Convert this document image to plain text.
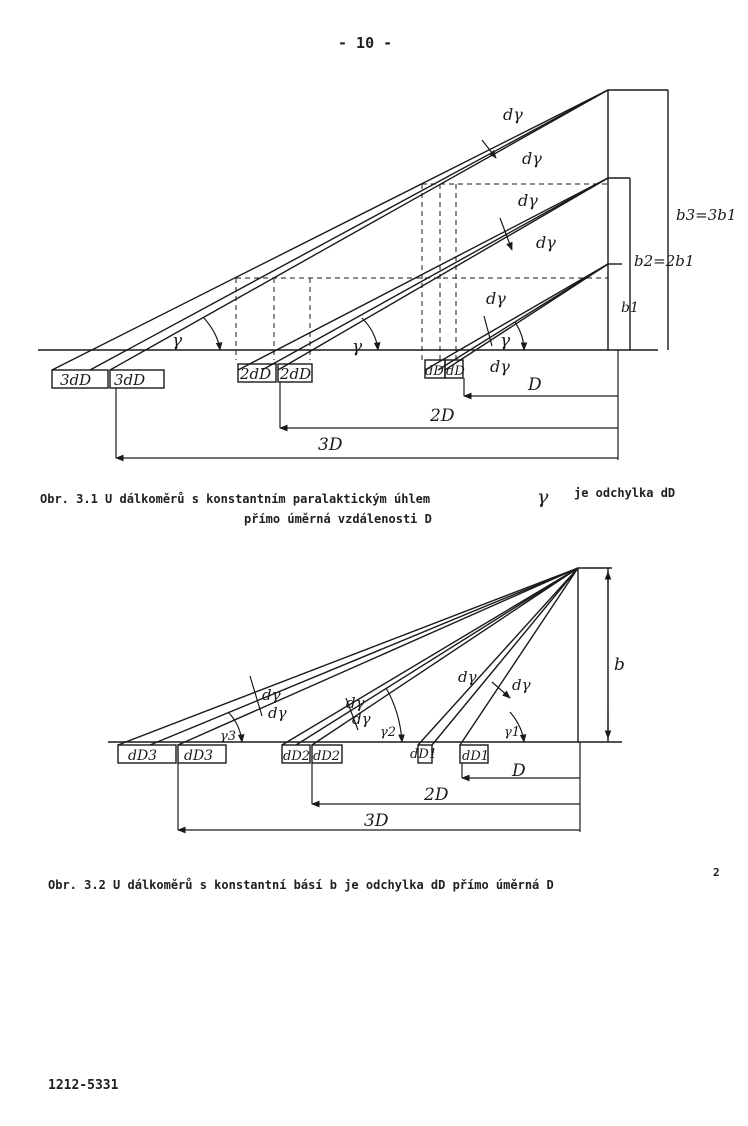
- 10 -
dγ
dγ
dγ
dγ
dγ
dγ
γ	γ	γ
b3=3b1
b2=2b1
b1
3dD 3dD	2dD 2dD	dD dD
D
2D
3D
Obr. 3.1 U dálkoměrů s konstantním paralaktickým úhlem	γ je odchylka dD
přímo úměrná vzdálenosti D
b
dγ
dγ
dγ
dγ
dγ dγ
γ3	γ2	γ1
dD3 dD3	dD2 dD2	dD1 dD1
D
2D
3D
Obr. 3.2 U dálkoměrů s konstantní básí b je odchylka dD přímo úměrná D
2
1212-5331
